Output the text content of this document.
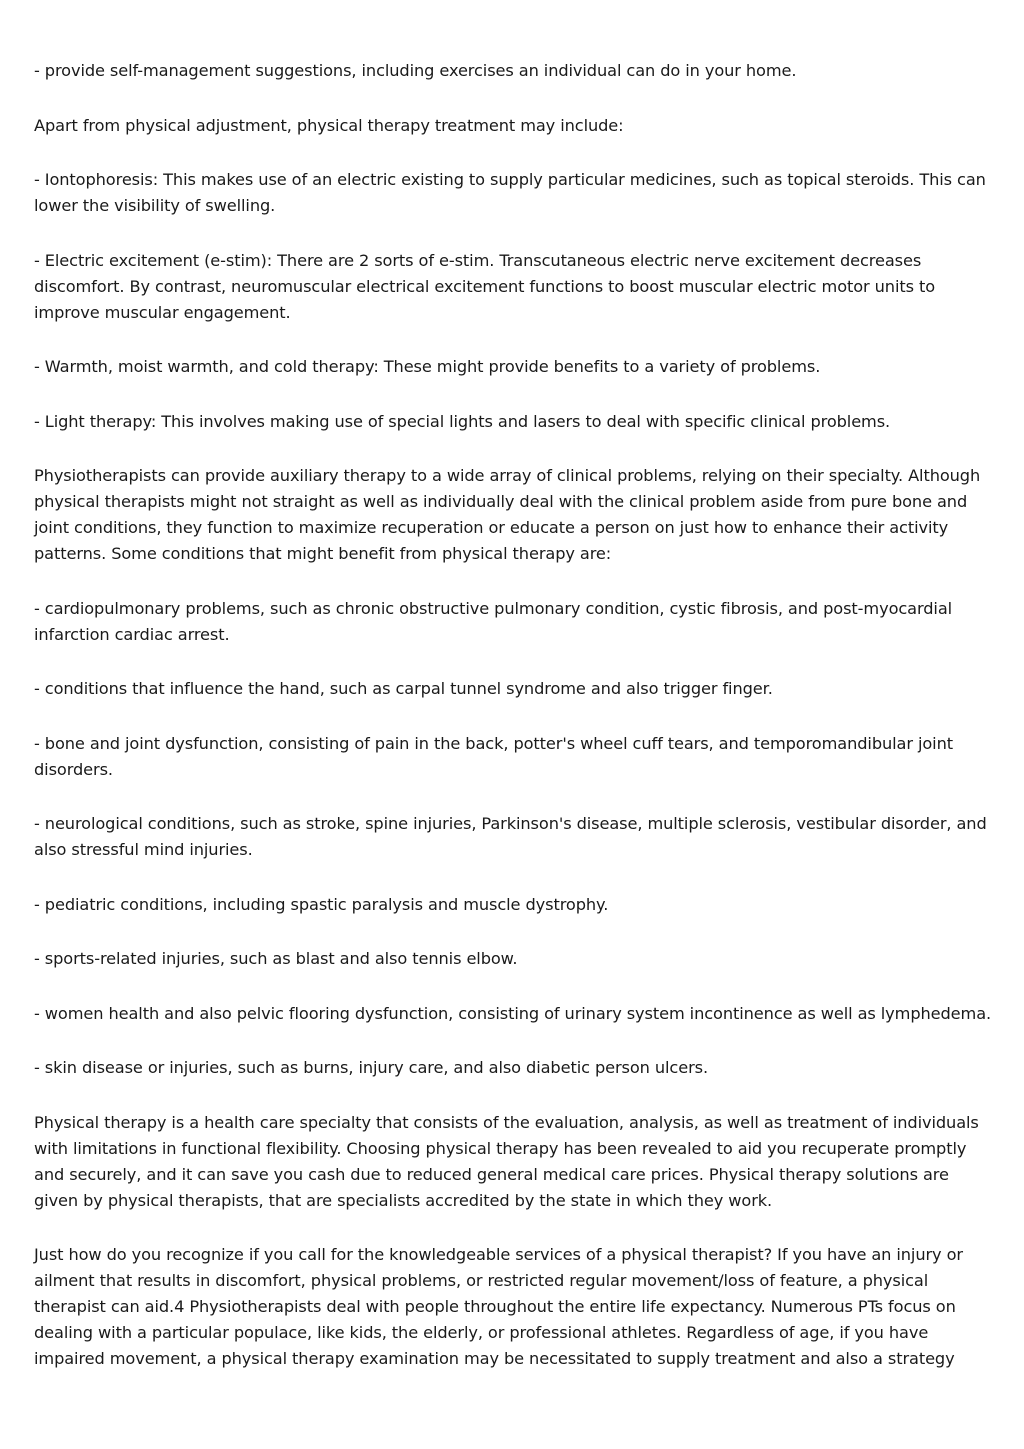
- provide self-management suggestions, including exercises an individual can do in your home.

Apart from physical adjustment, physical therapy treatment may include:

- Iontophoresis: This makes use of an electric existing to supply particular medicines, such as topical steroids. This can lower the visibility of swelling.

- Electric excitement (e-stim): There are 2 sorts of e-stim. Transcutaneous electric nerve excitement decreases discomfort. By contrast, neuromuscular electrical excitement functions to boost muscular electric motor units to improve muscular engagement.

- Warmth, moist warmth, and cold therapy: These might provide benefits to a variety of problems.

- Light therapy: This involves making use of special lights and lasers to deal with specific clinical problems.

Physiotherapists can provide auxiliary therapy to a wide array of clinical problems, relying on their specialty. Although physical therapists might not straight as well as individually deal with the clinical problem aside from pure bone and joint conditions, they function to maximize recuperation or educate a person on just how to enhance their activity patterns. Some conditions that might benefit from physical therapy are:

- cardiopulmonary problems, such as chronic obstructive pulmonary condition, cystic fibrosis, and post-myocardial infarction cardiac arrest.

- conditions that influence the hand, such as carpal tunnel syndrome and also trigger finger.

- bone and joint dysfunction, consisting of pain in the back, potter's wheel cuff tears, and temporomandibular joint disorders.

- neurological conditions, such as stroke, spine injuries, Parkinson's disease, multiple sclerosis, vestibular disorder, and also stressful mind injuries.

- pediatric conditions, including spastic paralysis and muscle dystrophy.

- sports-related injuries, such as blast and also tennis elbow.

- women health and also pelvic flooring dysfunction, consisting of urinary system incontinence as well as lymphedema.

- skin disease or injuries, such as burns, injury care, and also diabetic person ulcers.

Physical therapy is a health care specialty that consists of the evaluation, analysis, as well as treatment of individuals with limitations in functional flexibility. Choosing physical therapy has been revealed to aid you recuperate promptly and securely, and it can save you cash due to reduced general medical care prices. Physical therapy solutions are given by physical therapists, that are specialists accredited by the state in which they work.

Just how do you recognize if you call for the knowledgeable services of a physical therapist? If you have an injury or ailment that results in discomfort, physical problems, or restricted regular movement/loss of feature, a physical therapist can aid.4 Physiotherapists deal with people throughout the entire life expectancy. Numerous PTs focus on dealing with a particular populace, like kids, the elderly, or professional athletes. Regardless of age, if you have impaired movement, a physical therapy examination may be necessitated to supply treatment and also a strategy
